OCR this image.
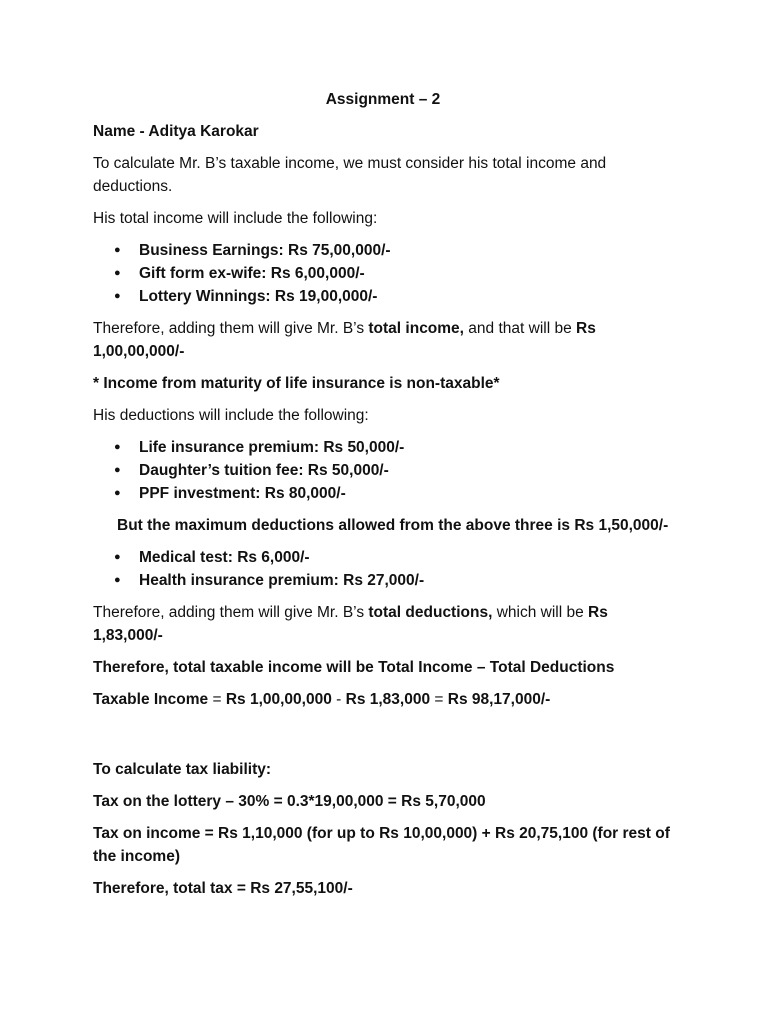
Assignment – 2

Name - Aditya Karokar

To calculate Mr. B’s taxable income, we must consider his total income and deductions.

His total income will include the following:

● Business Earnings: Rs 75,00,000/-
● Gift form ex-wife: Rs 6,00,000/-
● Lottery Winnings: Rs 19,00,000/-

Therefore, adding them will give Mr. B’s total income, and that will be Rs 1,00,00,000/-

* Income from maturity of life insurance is non-taxable*

His deductions will include the following:

● Life insurance premium: Rs 50,000/-
● Daughter’s tuition fee: Rs 50,000/-
● PPF investment: Rs 80,000/-

But the maximum deductions allowed from the above three is Rs 1,50,000/-

● Medical test: Rs 6,000/-
● Health insurance premium: Rs 27,000/-

Therefore, adding them will give Mr. B’s total deductions, which will be Rs 1,83,000/-

Therefore, total taxable income will be Total Income – Total Deductions

Taxable Income = Rs 1,00,00,000 - Rs 1,83,000 = Rs 98,17,000/-

To calculate tax liability:

Tax on the lottery – 30% = 0.3*19,00,000 = Rs 5,70,000

Tax on income = Rs 1,10,000 (for up to Rs 10,00,000) + Rs 20,75,100 (for rest of the income)

Therefore, total tax = Rs 27,55,100/-
